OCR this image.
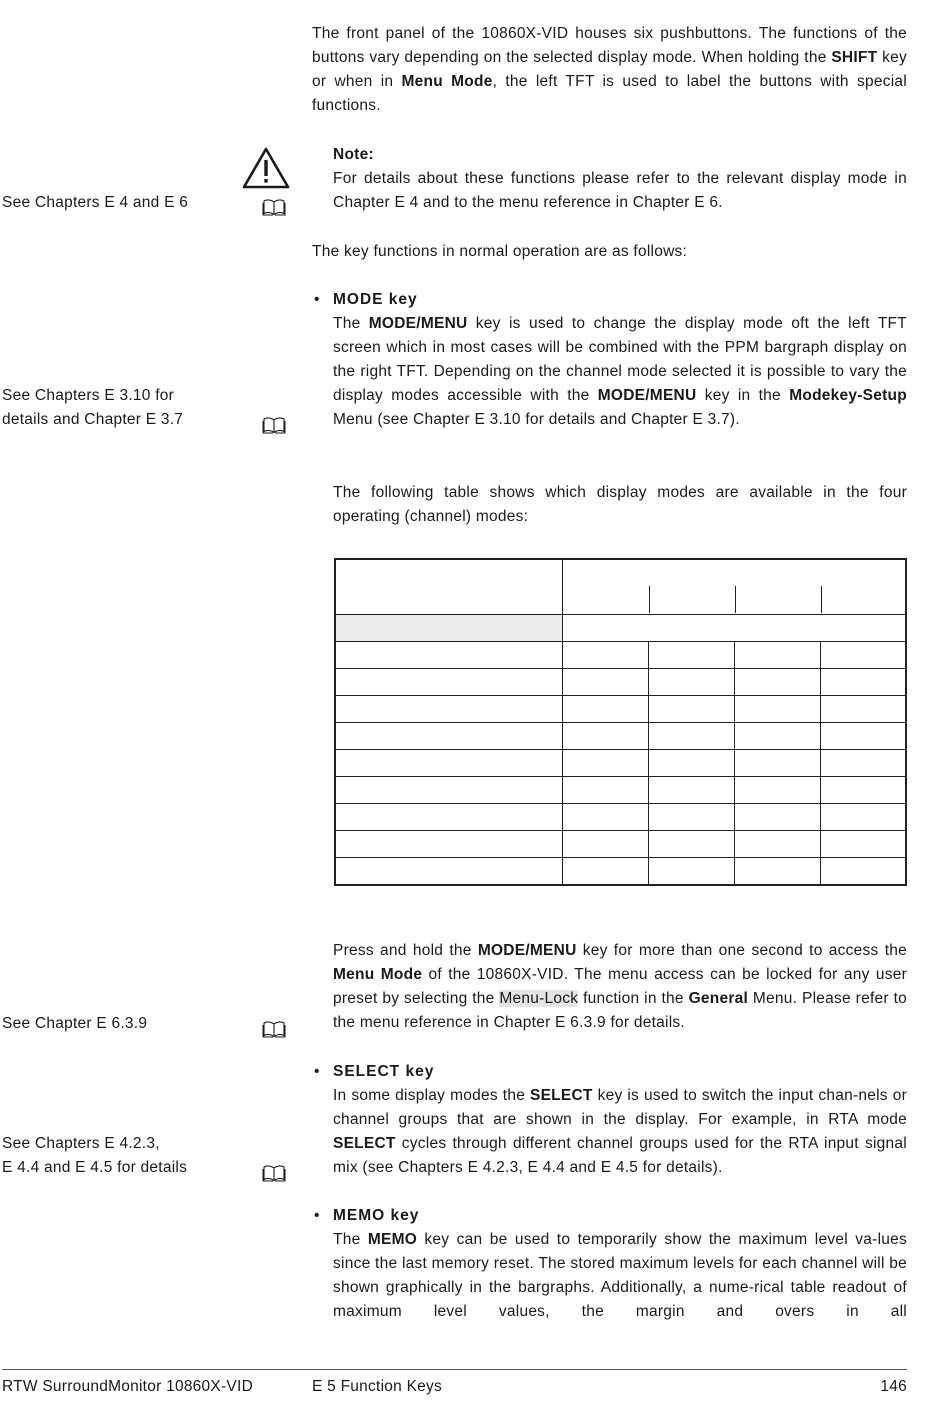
The front panel of the 10860X-VID houses six pushbuttons. The functions of the buttons vary depending on the selected display mode. When holding the SHIFT key or when in Menu Mode, the left TFT is used to label the buttons with special functions.

Note:

For details about these functions please refer to the relevant display mode in Chapter E 4 and to the menu reference in Chapter E 6.

See Chapters E 4 and E 6

The key functions in normal operation are as follows:

• MODE key

The MODE/MENU key is used to change the display mode oft the left TFT screen which in most cases will be combined with the PPM bargraph display on the right TFT. Depending on the channel mode selected it is possible to vary the display modes accessible with the MODE/MENU key in the Modekey-Setup Menu (see Chapter E 3.10 for details and Chapter E 3.7).

See Chapters E 3.10 for
details and Chapter E 3.7

The following table shows which display modes are available in the four operating (channel) modes:

Press and hold the MODE/MENU key for more than one second to access the Menu Mode of the 10860X-VID. The menu access can be locked for any user preset by selecting the Menu-Lock function in the General Menu. Please refer to the menu reference in Chapter E 6.3.9 for details.

See Chapter E 6.3.9
• SELECT key

In some display modes the SELECT key is used to switch the input chan-nels or channel groups that are shown in the display. For example, in RTA mode SELECT cycles through different channel groups used for the RTA input signal mix (see Chapters E 4.2.3, E 4.4 and E 4.5 for details).

See Chapters E 4.2.3,
E 4.4 and E 4.5 for details
• MEMO key

The MEMO key can be used to temporarily show the maximum level va-lues since the last memory reset. The stored maximum levels for each channel will be shown graphically in the bargraphs. Additionally, a nume-rical table readout of maximum level values, the margin and overs in all

RTW SurroundMonitor 10860X-VID	E 5 Function Keys	146
